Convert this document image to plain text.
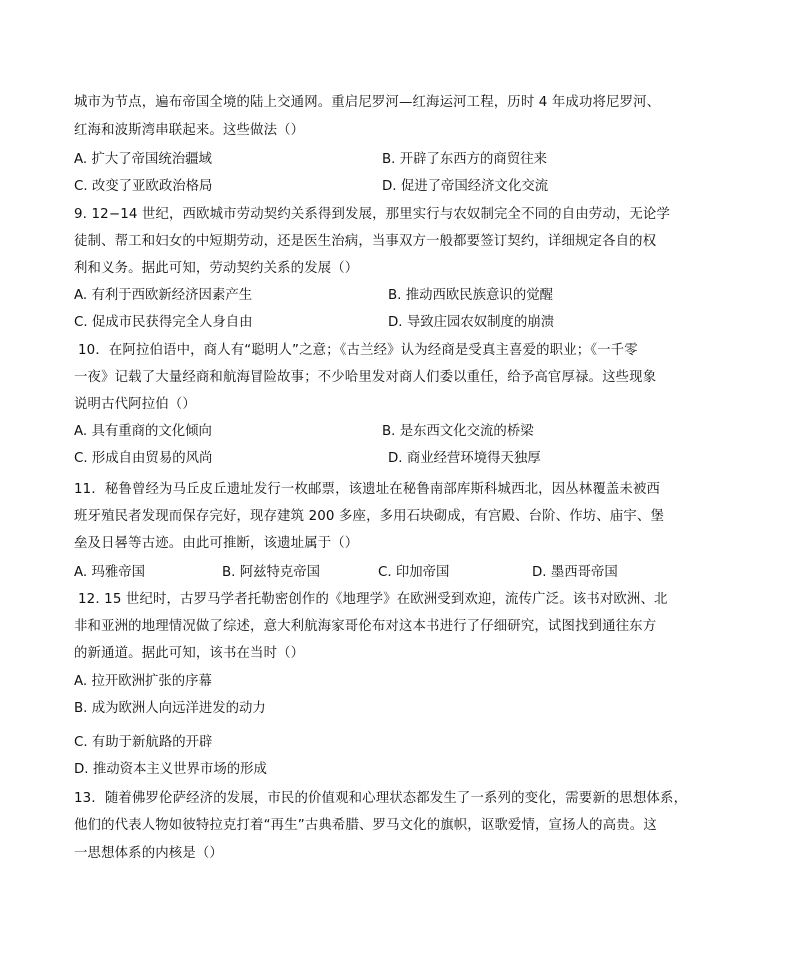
城市为节点，遍布帝国全境的陆上交通网。重启尼罗河—红海运河工程，历时 4 年成功将尼罗河、
红海和波斯湾串联起来。这些做法（）
A. 扩大了帝国统治疆域	B. 开辟了东西方的商贸往来
C. 改变了亚欧政治格局	D. 促进了帝国经济文化交流
9. 12−14 世纪，西欧城市劳动契约关系得到发展，那里实行与农奴制完全不同的自由劳动，无论学
徒制、帮工和妇女的中短期劳动，还是医生治病，当事双方一般都要签订契约，详细规定各自的权
利和义务。据此可知，劳动契约关系的发展（）
A. 有利于西欧新经济因素产生	B. 推动西欧民族意识的觉醒
C. 促成市民获得完全人身自由	D. 导致庄园农奴制度的崩溃
10．在阿拉伯语中，商人有“聪明人”之意；《古兰经》认为经商是受真主喜爱的职业；《一千零
一夜》记载了大量经商和航海冒险故事；不少哈里发对商人们委以重任，给予高官厚禄。这些现象
说明古代阿拉伯（）
A. 具有重商的文化倾向	B. 是东西文化交流的桥梁
C. 形成自由贸易的风尚	D. 商业经营环境得天独厚
11．秘鲁曾经为马丘皮丘遗址发行一枚邮票，该遗址在秘鲁南部库斯科城西北，因丛林覆盖未被西
班牙殖民者发现而保存完好，现存建筑 200 多座，多用石块砌成，有宫殿、台阶、作坊、庙宇、堡
垒及日晷等古迹。由此可推断，该遗址属于（）
A. 玛雅帝国	B. 阿兹特克帝国	C. 印加帝国	D. 墨西哥帝国
12. 15 世纪时，古罗马学者托勒密创作的《地理学》在欧洲受到欢迎，流传广泛。该书对欧洲、北
非和亚洲的地理情况做了综述，意大利航海家哥伦布对这本书进行了仔细研究，试图找到通往东方
的新通道。据此可知，该书在当时（）
A. 拉开欧洲扩张的序幕
B. 成为欧洲人向远洋进发的动力
C. 有助于新航路的开辟
D. 推动资本主义世界市场的形成
13．随着佛罗伦萨经济的发展，市民的价值观和心理状态都发生了一系列的变化，需要新的思想体系，
他们的代表人物如彼特拉克打着“再生”古典希腊、罗马文化的旗帜，讴歌爱情，宣扬人的高贵。这
一思想体系的内核是（）
